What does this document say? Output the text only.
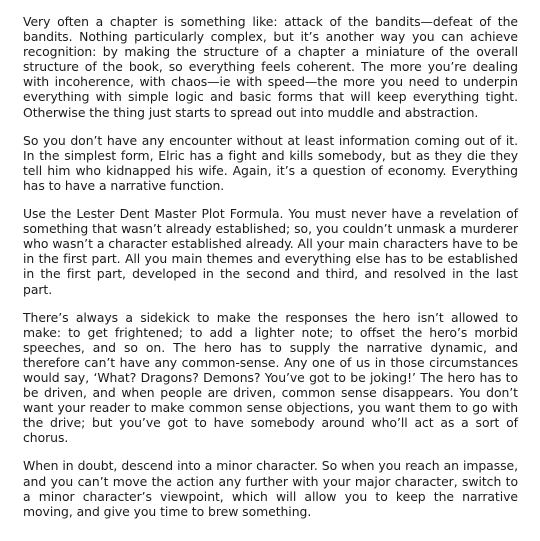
Very often a chapter is something like: attack of the bandits—defeat of the bandits. Nothing particularly complex, but it’s another way you can achieve recognition: by making the structure of a chapter a miniature of the overall structure of the book, so everything feels coherent. The more you’re dealing with incoherence, with chaos—ie with speed—the more you need to underpin everything with simple logic and basic forms that will keep everything tight. Otherwise the thing just starts to spread out into muddle and abstraction.

So you don’t have any encounter without at least information coming out of it. In the simplest form, Elric has a fight and kills somebody, but as they die they tell him who kidnapped his wife. Again, it’s a question of economy. Everything has to have a narrative function.

Use the Lester Dent Master Plot Formula. You must never have a revelation of something that wasn’t already established; so, you couldn’t unmask a murderer who wasn’t a character established already. All your main characters have to be in the first part. All you main themes and everything else has to be established in the first part, developed in the second and third, and resolved in the last part.

There’s always a sidekick to make the responses the hero isn’t allowed to make: to get frightened; to add a lighter note; to offset the hero’s morbid speeches, and so on. The hero has to supply the narrative dynamic, and therefore can’t have any common-sense. Any one of us in those circumstances would say, ‘What? Dragons? Demons? You’ve got to be joking!’ The hero has to be driven, and when people are driven, common sense disappears. You don’t want your reader to make common sense objections, you want them to go with the drive; but you’ve got to have somebody around who’ll act as a sort of chorus.

When in doubt, descend into a minor character. So when you reach an impasse, and you can’t move the action any further with your major character, switch to a minor character’s viewpoint, which will allow you to keep the narrative moving, and give you time to brew something.
